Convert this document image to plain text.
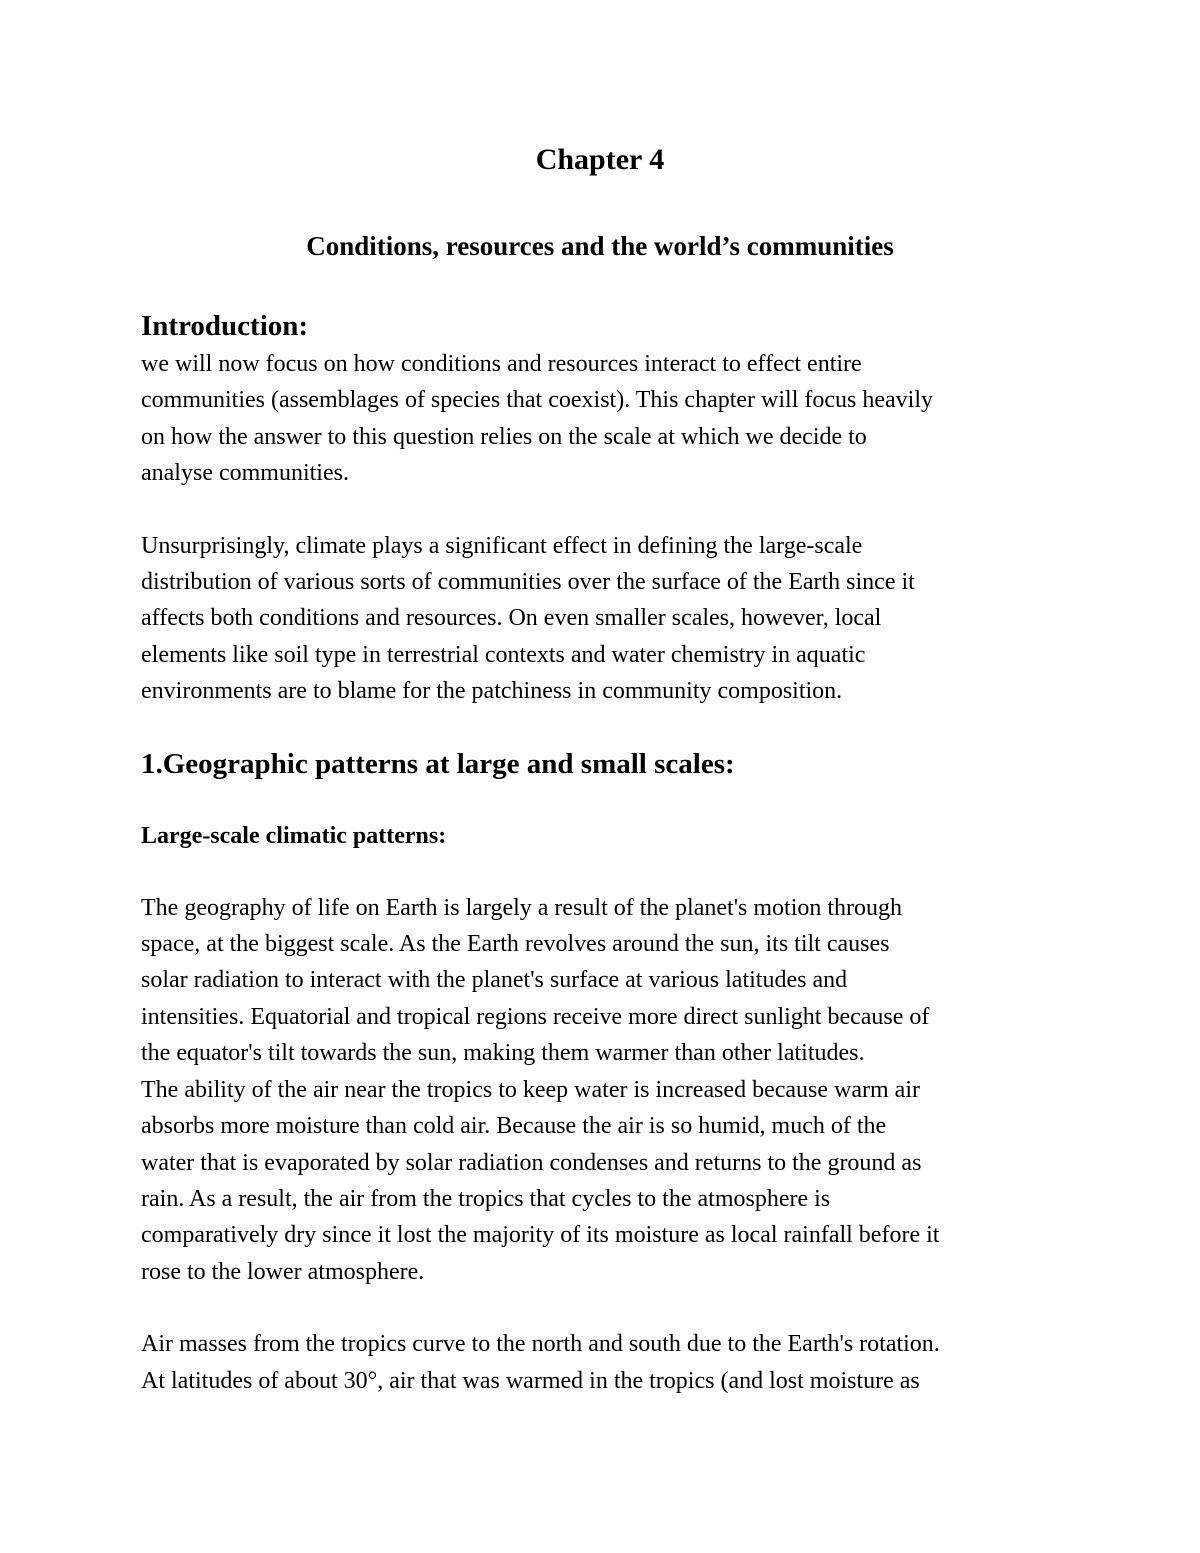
Chapter 4
Conditions, resources and the world’s communities
Introduction:

we will now focus on how conditions and resources interact to effect entire
communities (assemblages of species that coexist). This chapter will focus heavily
on how the answer to this question relies on the scale at which we decide to
analyse communities.

Unsurprisingly, climate plays a significant effect in defining the large-scale
distribution of various sorts of communities over the surface of the Earth since it
affects both conditions and resources. On even smaller scales, however, local
elements like soil type in terrestrial contexts and water chemistry in aquatic
environments are to blame for the patchiness in community composition.

1.Geographic patterns at large and small scales:
Large-scale climatic patterns:

The geography of life on Earth is largely a result of the planet's motion through
space, at the biggest scale. As the Earth revolves around the sun, its tilt causes
solar radiation to interact with the planet's surface at various latitudes and
intensities. Equatorial and tropical regions receive more direct sunlight because of
the equator's tilt towards the sun, making them warmer than other latitudes.
The ability of the air near the tropics to keep water is increased because warm air
absorbs more moisture than cold air. Because the air is so humid, much of the
water that is evaporated by solar radiation condenses and returns to the ground as
rain. As a result, the air from the tropics that cycles to the atmosphere is
comparatively dry since it lost the majority of its moisture as local rainfall before it
rose to the lower atmosphere.

Air masses from the tropics curve to the north and south due to the Earth's rotation.
At latitudes of about 30°, air that was warmed in the tropics (and lost moisture as
